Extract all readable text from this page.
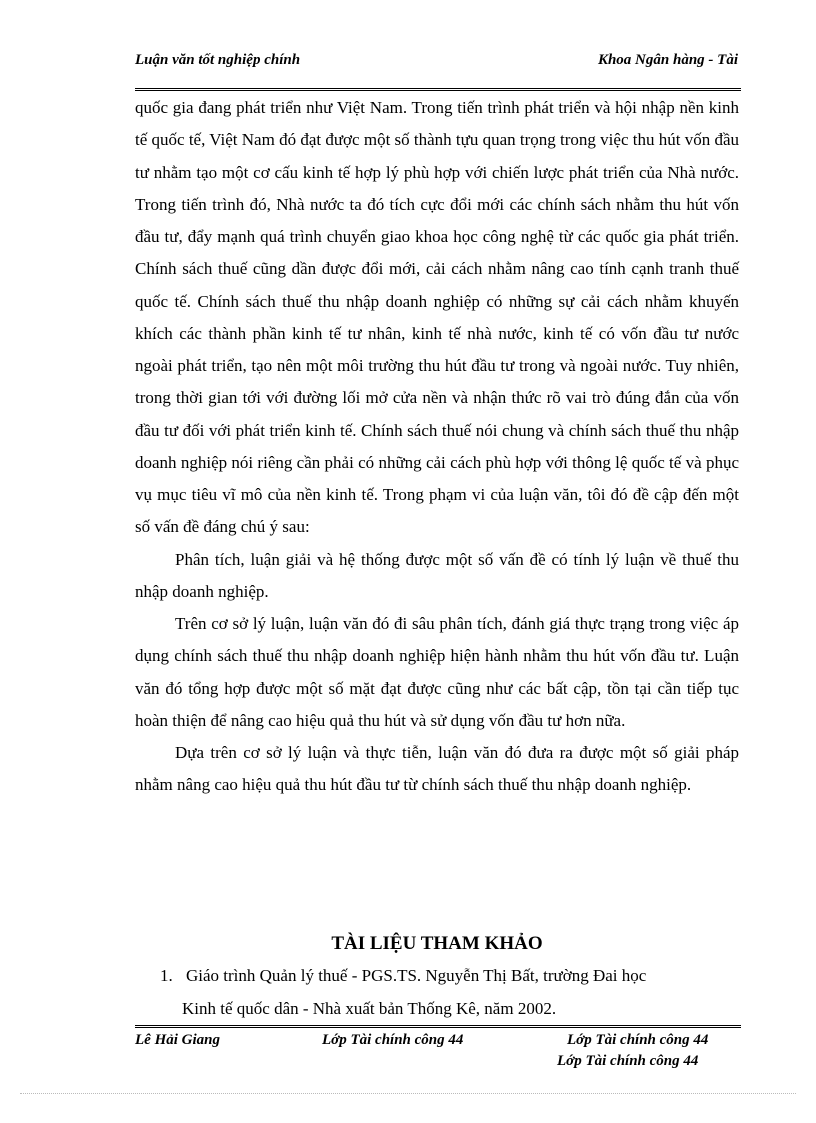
Luận văn tốt nghiệp chính	Khoa Ngân hàng - Tài

quốc gia đang phát triển như Việt Nam. Trong tiến trình phát triển và hội nhập nền kinh tế quốc tế, Việt Nam đó đạt được một số thành tựu quan trọng trong việc thu hút vốn đầu tư nhằm tạo một cơ cấu kinh tế hợp lý phù hợp với chiến lược phát triển của Nhà nước. Trong tiến trình đó, Nhà nước ta đó tích cực đổi mới các chính sách nhằm thu hút vốn đầu tư, đẩy mạnh quá trình chuyển giao khoa học công nghệ từ các quốc gia phát triển. Chính sách thuế cũng dần được đổi mới, cải cách nhằm nâng cao tính cạnh tranh thuế quốc tế. Chính sách thuế thu nhập doanh nghiệp có những sự cải cách nhằm khuyến khích các thành phần kinh tế tư nhân, kinh tế nhà nước, kinh tế có vốn đầu tư nước ngoài phát triển, tạo nên một môi trường thu hút đầu tư trong và ngoài nước. Tuy nhiên, trong thời gian tới với đường lối mở cửa nền và nhận thức rõ vai trò đúng đắn của vốn đầu tư đối với phát triển kinh tế. Chính sách thuế nói chung và chính sách thuế thu nhập doanh nghiệp nói riêng cần phải có những cải cách phù hợp với thông lệ quốc tế và phục vụ mục tiêu vĩ mô của nền kinh tế. Trong phạm vi của luận văn, tôi đó đề cập đến một số vấn đề đáng chú ý sau:

Phân tích, luận giải và hệ thống được một số vấn đề có tính lý luận về thuế thu nhập doanh nghiệp.

Trên cơ sở lý luận, luận văn đó đi sâu phân tích, đánh giá thực trạng trong việc áp dụng chính sách thuế thu nhập doanh nghiệp hiện hành nhằm thu hút vốn đầu tư. Luận văn đó tổng hợp được một số mặt đạt được cũng như các bất cập, tồn tại cần tiếp tục hoàn thiện để nâng cao hiệu quả thu hút và sử dụng vốn đầu tư hơn nữa.

Dựa trên cơ sở lý luận và thực tiễn, luận văn đó đưa ra được một số giải pháp nhằm nâng cao hiệu quả thu hút đầu tư từ chính sách thuế thu nhập doanh nghiệp.

TÀI LIỆU THAM KHẢO
1. Giáo trình Quản lý thuế - PGS.TS. Nguyễn Thị Bất, trường Đai học
Kinh tế quốc dân - Nhà xuất bản Thống Kê, năm 2002.
Lê Hải Giang	Lớp Tài chính công 44	Lớp Tài chính công 44
Lớp Tài chính công 44
